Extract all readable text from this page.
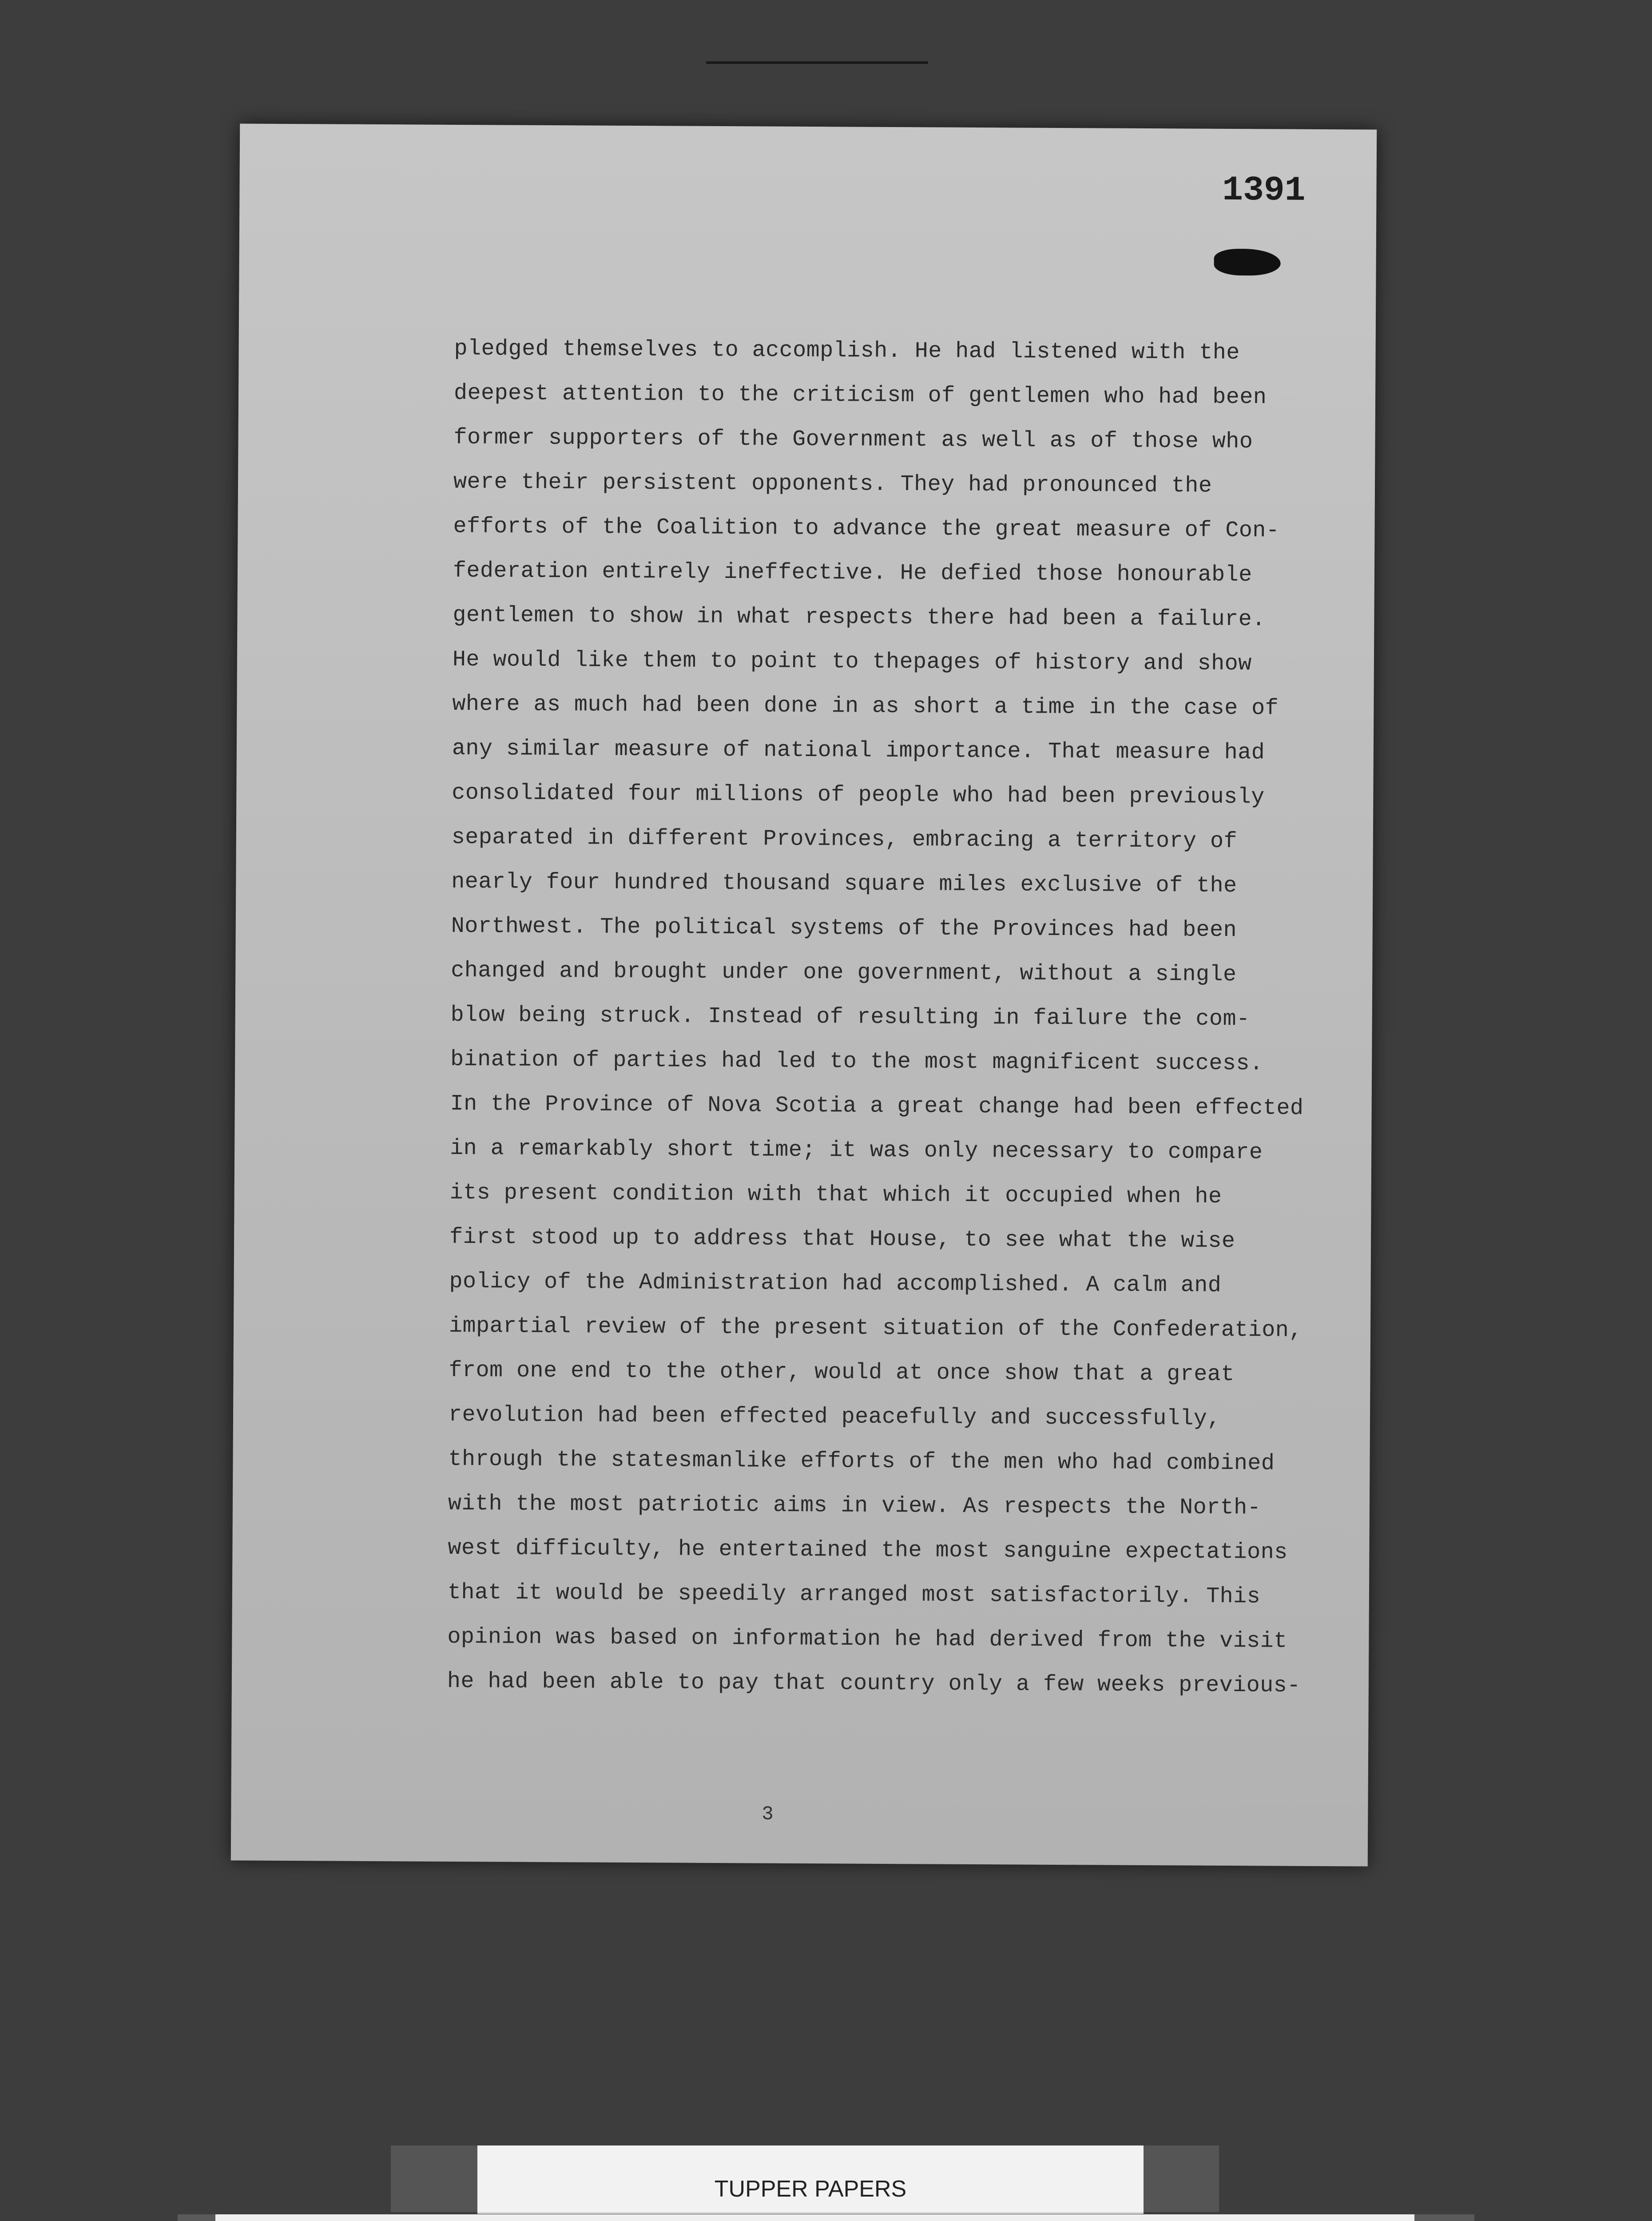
1391

pledged themselves to accomplish. He had listened with the

deepest attention to the criticism of gentlemen who had been

former supporters of the Government as well as of those who

were their persistent opponents. They had pronounced the

efforts of the Coalition to advance the great measure of Con-

federation entirely ineffective. He defied those honourable

gentlemen to show in what respects there had been a failure.

He would like them to point to thepages of history and show

where as much had been done in as short a time in the case of

any similar measure of national importance. That measure had

consolidated four millions of people who had been previously

separated in different Provinces, embracing a territory of

nearly four hundred thousand square miles exclusive of the

Northwest. The political systems of the Provinces had been

changed and brought under one government, without a single

blow being struck. Instead of resulting in failure the com-

bination of parties had led to the most magnificent success.

In the Province of Nova Scotia a great change had been effected

in a remarkably short time; it was only necessary to compare

its present condition with that which it occupied when he

first stood up to address that House, to see what the wise

policy of the Administration had accomplished. A calm and

impartial review of the present situation of the Confederation,

from one end to the other, would at once show that a great

revolution had been effected peacefully and successfully,

through the statesmanlike efforts of the men who had combined

with the most patriotic aims in view. As respects the North-

west difficulty, he entertained the most sanguine expectations

that it would be speedily arranged most satisfactorily. This

opinion was based on information he had derived from the visit

he had been able to pay that country only a few weeks previous-

3

TUPPER PAPERS
